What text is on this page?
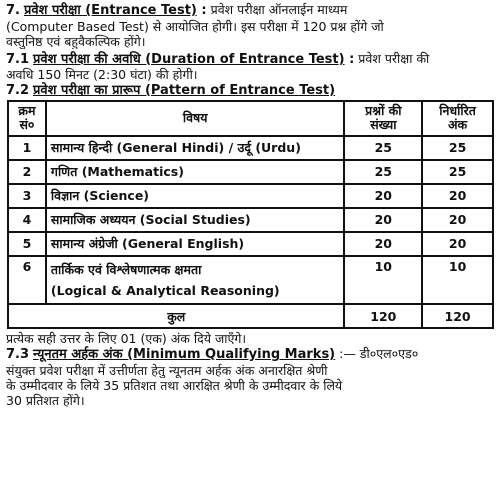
7. प्रवेश परीक्षा (Entrance Test) : प्रवेश परीक्षा ऑनलाईन माध्यम
(Computer Based Test) से आयोजित होगी। इस परीक्षा में 120 प्रश्न होंगे जो
वस्तुनिष्ठ एवं बहुवैकल्पिक होंगे।
7.1 प्रवेश परीक्षा की अवधि (Duration of Entrance Test) : प्रवेश परीक्षा की
अवधि 150 मिनट (2:30 घंटा) की होगी।
7.2 प्रवेश परीक्षा का प्रारूप (Pattern of Entrance Test)
क्रम
सं०	विषय	प्रश्नों की
संख्या	निर्धारित
अंक

1	सामान्य हिन्दी (General Hindi) / उर्दू (Urdu)	25	25
2	गणित (Mathematics)	25	25
3	विज्ञान (Science)	20	20
4	सामाजिक अध्ययन (Social Studies)	20	20
5	सामान्य अंग्रेजी (General English)	20	20
6	तार्किक एवं विश्लेषणात्मक क्षमता
(Logical & Analytical Reasoning)	10	10
कुल		120	120
प्रत्येक सही उत्तर के लिए 01 (एक) अंक दिये जाएँगे।
7.3 न्यूनतम अर्हक अंक (Minimum Qualifying Marks) :— डी०एल०एड०
संयुक्त प्रवेश परीक्षा में उत्तीर्णता हेतु न्यूनतम अर्हक अंक अनारक्षित श्रेणी
के उम्मीदवार के लिये 35 प्रतिशत तथा आरक्षित श्रेणी के उम्मीदवार के लिये
30 प्रतिशत होंगे।
